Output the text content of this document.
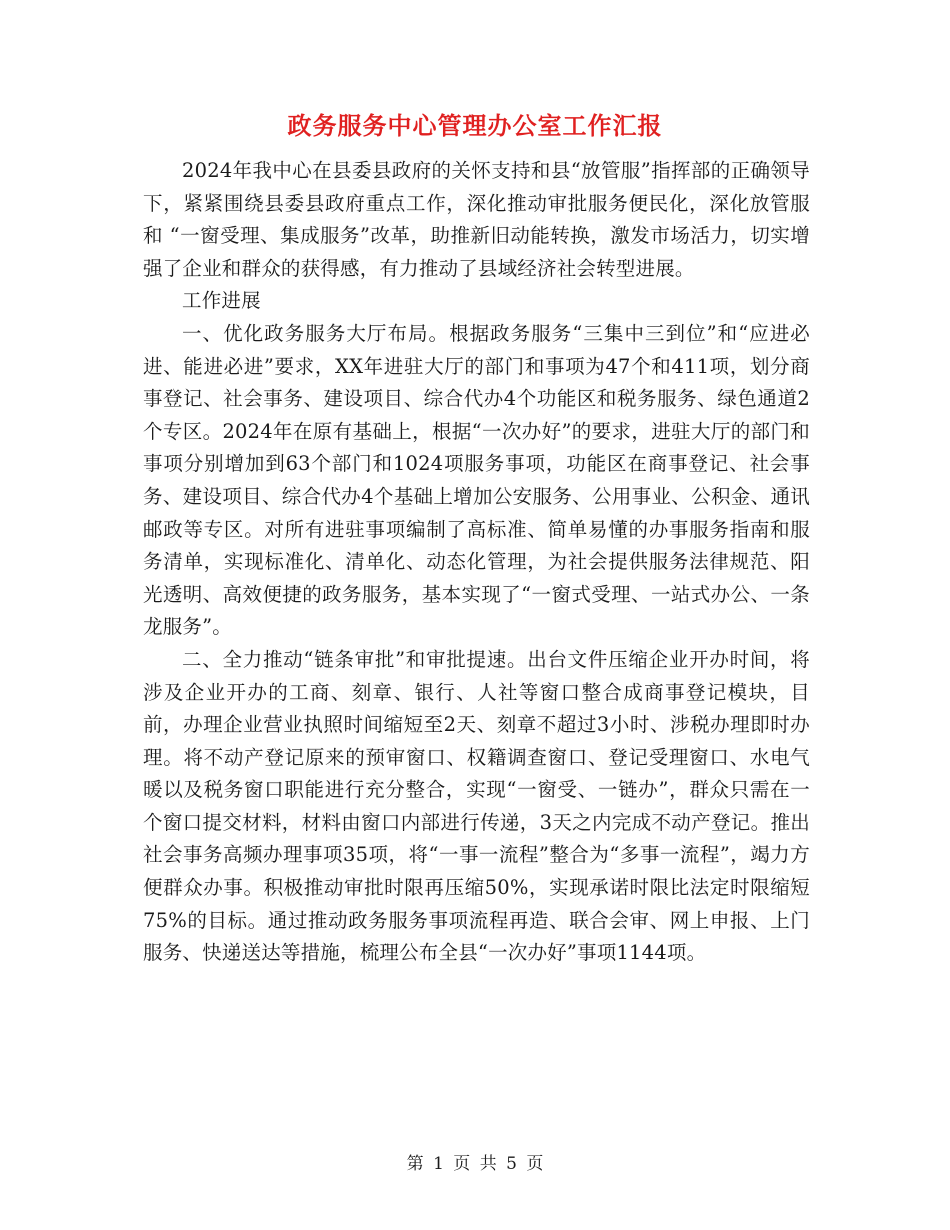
政务服务中心管理办公室工作汇报

2024年我中心在县委县政府的关怀支持和县“放管服”指挥部的正确领导下，紧紧围绕县委县政府重点工作，深化推动审批服务便民化，深化放管服和 “一窗受理、集成服务”改革，助推新旧动能转换，激发市场活力，切实增强了企业和群众的获得感，有力推动了县域经济社会转型进展。

工作进展

一、优化政务服务大厅布局。根据政务服务“三集中三到位”和“应进必进、能进必进”要求，XX年进驻大厅的部门和事项为47个和411项，划分商事登记、社会事务、建设项目、综合代办4个功能区和税务服务、绿色通道2个专区。2024年在原有基础上，根据“一次办好”的要求，进驻大厅的部门和事项分别增加到63个部门和1024项服务事项，功能区在商事登记、社会事务、建设项目、综合代办4个基础上增加公安服务、公用事业、公积金、通讯邮政等专区。对所有进驻事项编制了高标准、简单易懂的办事服务指南和服务清单，实现标准化、清单化、动态化管理，为社会提供服务法律规范、阳光透明、高效便捷的政务服务，基本实现了“一窗式受理、一站式办公、一条龙服务”。

二、全力推动“链条审批”和审批提速。出台文件压缩企业开办时间，将涉及企业开办的工商、刻章、银行、人社等窗口整合成商事登记模块，目前，办理企业营业执照时间缩短至2天、刻章不超过3小时、涉税办理即时办理。将不动产登记原来的预审窗口、权籍调查窗口、登记受理窗口、水电气暖以及税务窗口职能进行充分整合，实现“一窗受、一链办”，群众只需在一个窗口提交材料，材料由窗口内部进行传递，3天之内完成不动产登记。推出社会事务高频办理事项35项，将“一事一流程”整合为“多事一流程”，竭力方便群众办事。积极推动审批时限再压缩50%，实现承诺时限比法定时限缩短75%的目标。通过推动政务服务事项流程再造、联合会审、网上申报、上门服务、快递送达等措施，梳理公布全县“一次办好”事项1144项。

第 1 页 共 5 页
